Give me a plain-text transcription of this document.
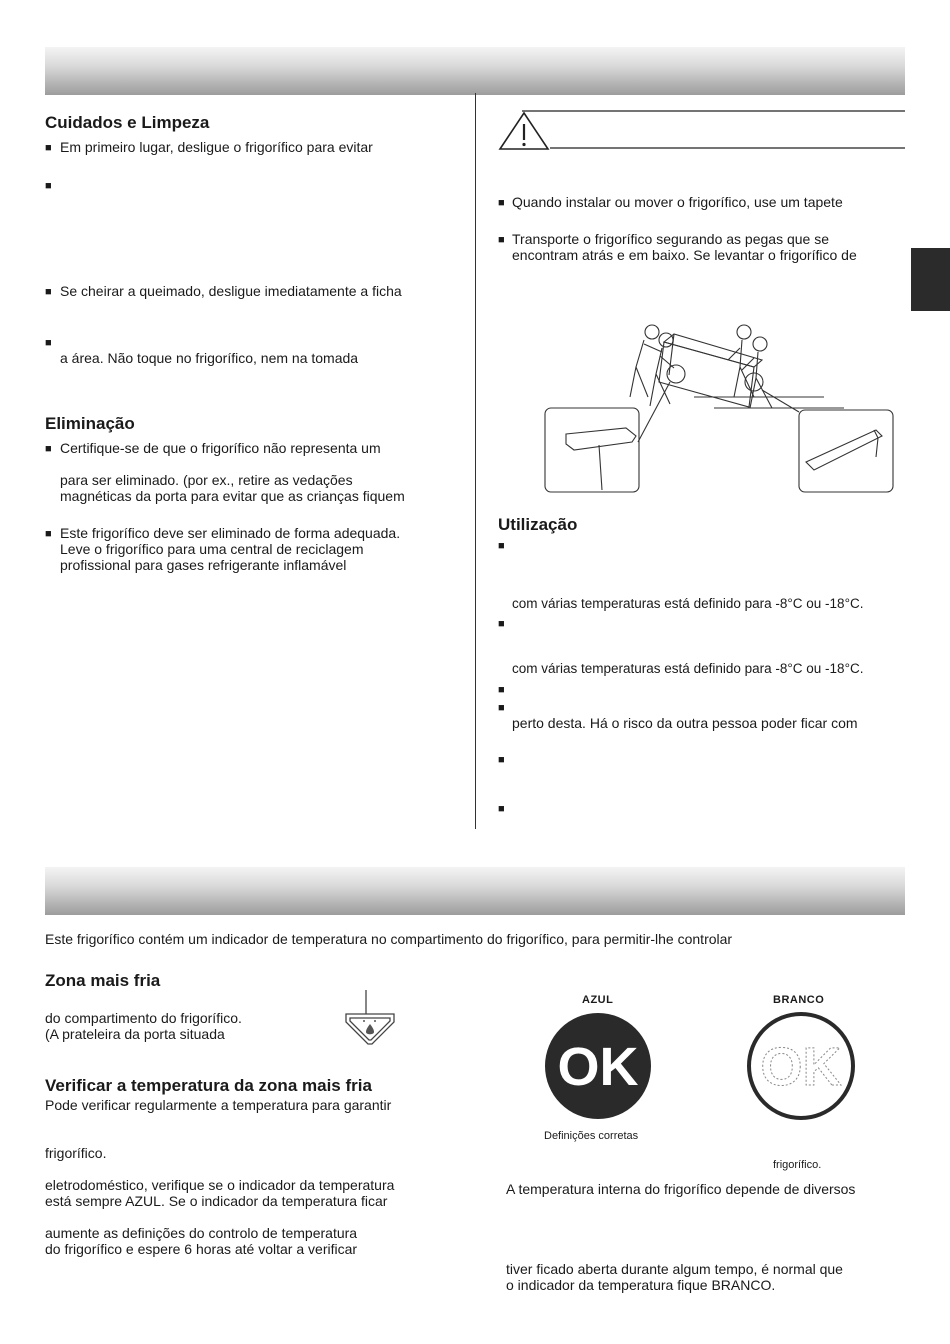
Cuidados e Limpeza
■ Em primeiro lugar, desligue o frigorífico para evitar
■
■ Se cheirar a queimado, desligue imediatamente a ficha
■
a área. Não toque no frigorífico, nem na tomada
Eliminação
■ Certifique-se de que o frigorífico não representa um
para ser eliminado. (por ex., retire as vedações
magnéticas da porta para evitar que as crianças fiquem
■ Este frigorífico deve ser eliminado de forma adequada.
Leve o frigorífico para uma central de reciclagem
profissional para gases refrigerante inflamável
■ Quando instalar ou mover o frigorífico, use um tapete
■ Transporte o frigorífico segurando as pegas que se
encontram atrás e em baixo. Se levantar o frigorífico de
Utilização
■
com várias temperaturas está definido para -8°C ou -18°C.
■
com várias temperaturas está definido para -8°C ou -18°C.
■
■
perto desta. Há o risco da outra pessoa poder ficar com
■
■
Este frigorífico contém um indicador de temperatura no compartimento do frigorífico, para permitir-lhe controlar
Zona mais fria
do compartimento do frigorífico.
(A prateleira da porta situada
Verificar a temperatura da zona mais fria
Pode verificar regularmente a temperatura para garantir
frigorífico.
eletrodoméstico, verifique se o indicador da temperatura
está sempre AZUL. Se o indicador da temperatura ficar
aumente as definições do controlo de temperatura
do frigorífico e espere 6 horas até voltar a verificar
AZUL	BRANCO
OK OK
Definições corretas
frigorífico.
A temperatura interna do frigorífico depende de diversos
tiver ficado aberta durante algum tempo, é normal que
o indicador da temperatura fique BRANCO.
